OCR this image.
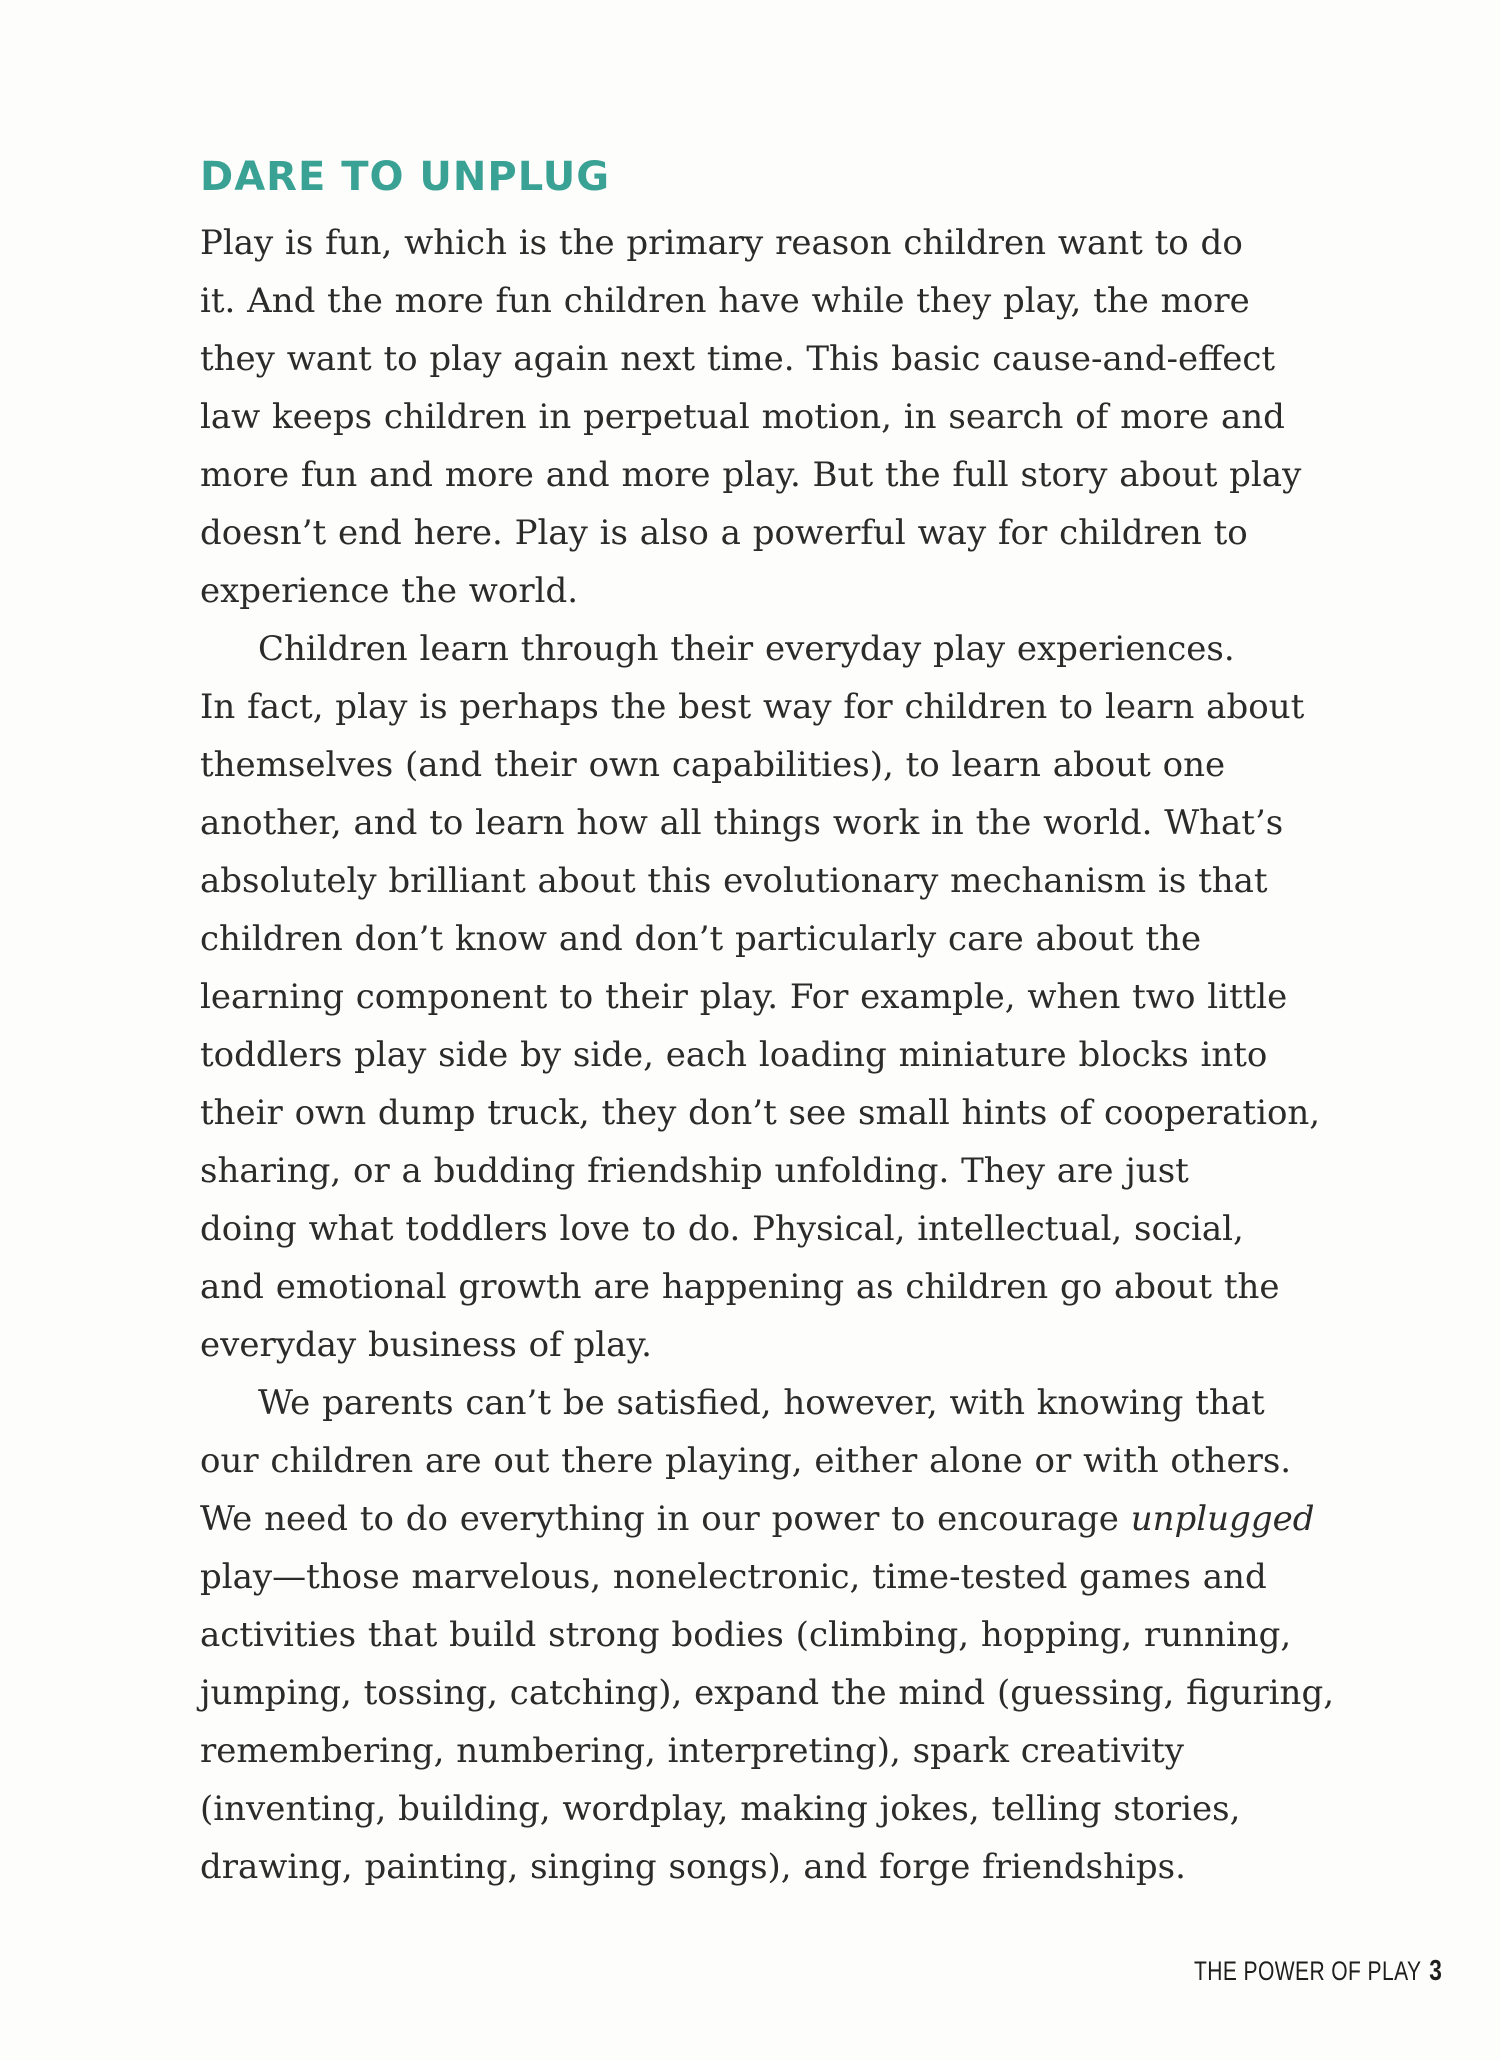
DARE TO UNPLUG

Play is fun, which is the primary reason children want to do
it. And the more fun children have while they play, the more
they want to play again next time. This basic cause-and-effect
law keeps children in perpetual motion, in search of more and
more fun and more and more play. But the full story about play
doesn’t end here. Play is also a powerful way for children to
experience the world.

Children learn through their everyday play experiences.
In fact, play is perhaps the best way for children to learn about
themselves (and their own capabilities), to learn about one
another, and to learn how all things work in the world. What’s
absolutely brilliant about this evolutionary mechanism is that
children don’t know and don’t particularly care about the
learning component to their play. For example, when two little
toddlers play side by side, each loading miniature blocks into
their own dump truck, they don’t see small hints of cooperation,
sharing, or a budding friendship unfolding. They are just
doing what toddlers love to do. Physical, intellectual, social,
and emotional growth are happening as children go about the
everyday business of play.

We parents can’t be satisfied, however, with knowing that
our children are out there playing, either alone or with others.
We need to do everything in our power to encourage unplugged
play—those marvelous, nonelectronic, time-tested games and
activities that build strong bodies (climbing, hopping, running,
jumping, tossing, catching), expand the mind (guessing, figuring,
remembering, numbering, interpreting), spark creativity
(inventing, building, wordplay, making jokes, telling stories,
drawing, painting, singing songs), and forge friendships.

THE POWER OF PLAY 3
